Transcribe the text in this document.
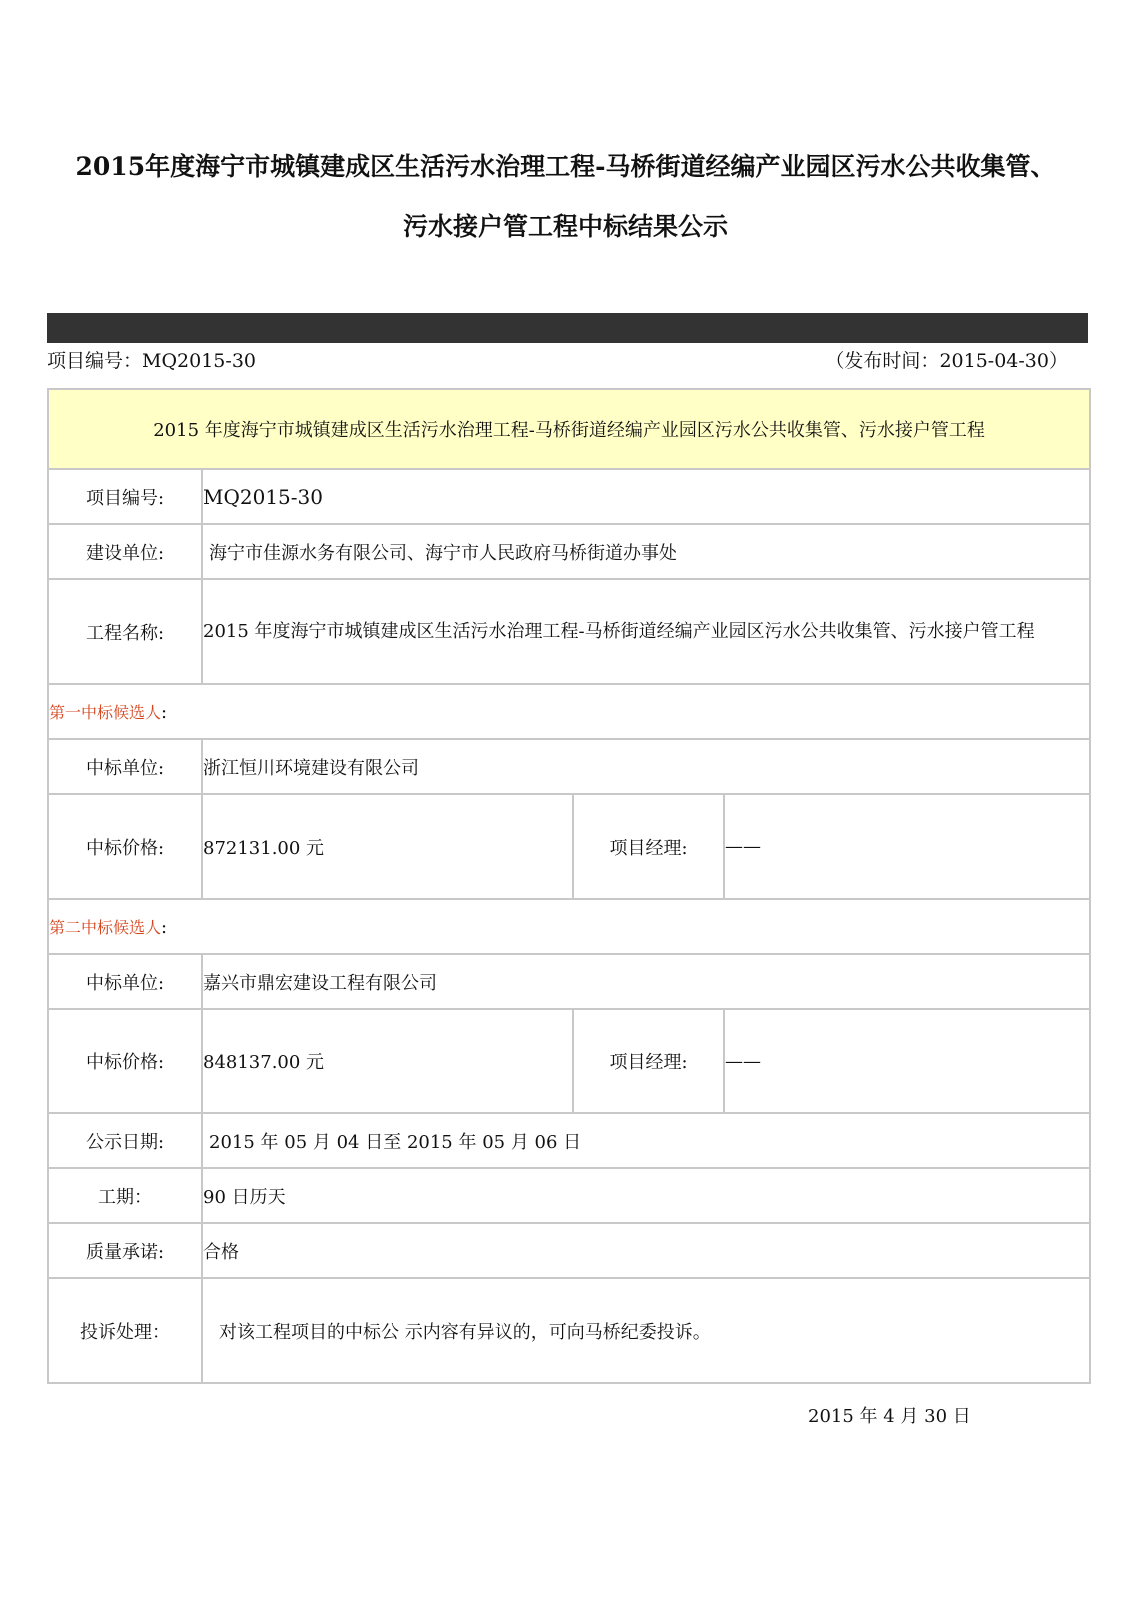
2015年度海宁市城镇建成区生活污水治理工程-马桥街道经编产业园区污水公共收集管、
污水接户管工程中标结果公示
项目编号：MQ2015-30	（发布时间：2015-04-30）
2015 年度海宁市城镇建成区生活污水治理工程-马桥街道经编产业园区污水公共收集管、污水接户管工程			
项目编号:	MQ2015-30		
建设单位:	海宁市佳源水务有限公司、海宁市人民政府马桥街道办事处		
工程名称:	2015 年度海宁市城镇建成区生活污水治理工程-马桥街道经编产业园区污水公共收集管、污水接户管工程		
第一中标候选人:			
中标单位:	浙江恒川环境建设有限公司		
中标价格:	872131.00 元	项目经理:	——
第二中标候选人:			
中标单位:	嘉兴市鼎宏建设工程有限公司		
中标价格:	848137.00 元	项目经理:	——
公示日期:	2015 年 05 月 04 日至 2015 年 05 月 06 日		
工期：	90 日历天		
质量承诺:	合格		
投诉处理：	对该工程项目的中标公 示内容有异议的，可向马桥纪委投诉。		
2015 年 4 月 30 日
